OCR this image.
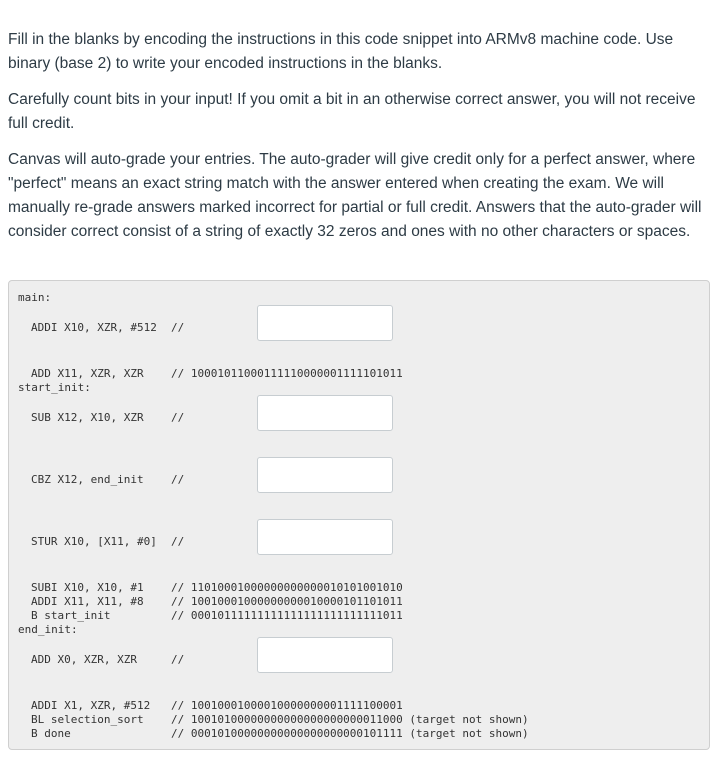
Fill in the blanks by encoding the instructions in this code snippet into ARMv8 machine code. Use binary (base 2) to write your encoded instructions in the blanks.

Carefully count bits in your input! If you omit a bit in an otherwise correct answer, you will not receive full credit.

Canvas will auto-grade your entries. The auto-grader will give credit only for a perfect answer, where "perfect" means an exact string match with the answer entered when creating the exam. We will manually re-grade answers marked incorrect for partial or full credit. Answers that the auto-grader will consider correct consist of a string of exactly 32 zeros and ones with no other characters or spaces.

main:
ADDI X10, XZR, #512 //
ADD X11, XZR, XZR // 10001011000111110000001111101011
start_init:
SUB X12, X10, XZR //
CBZ X12, end_init //
STUR X10, [X11, #0] //
SUBI X10, X10, #1 // 11010001000000000000010101001010
ADDI X11, X11, #8 // 10010001000000000010000101101011
B start_init	// 00010111111111111111111111111011
end_init:
ADD X0, XZR, XZR	//
ADDI X1, XZR, #512 // 10010001000010000000001111100001
BL selection_sort // 10010100000000000000000000011000 (target not shown)
B done	// 00010100000000000000000000101111 (target not shown)
